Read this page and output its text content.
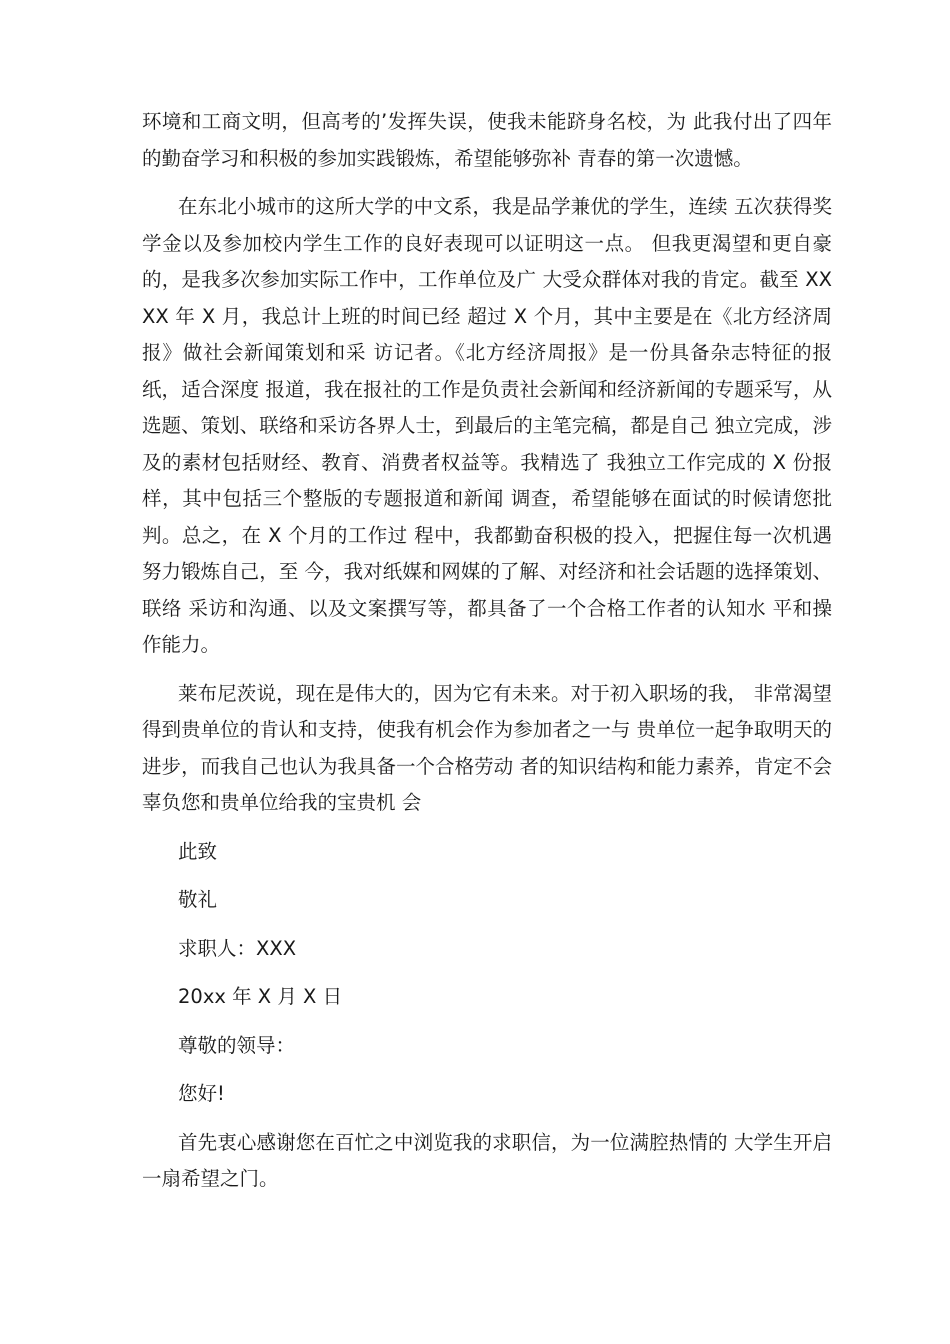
环境和工商文明，但高考的’发挥失误，使我未能跻身名校，为 此我付出了四年的勤奋学习和积极的参加实践锻炼，希望能够弥补 青春的第一次遗憾。

在东北小城市的这所大学的中文系，我是品学兼优的学生，连续 五次获得奖学金以及参加校内学生工作的良好表现可以证明这一点。 但我更渴望和更自豪的，是我多次参加实际工作中，工作单位及广 大受众群体对我的肯定。截至 XXXX 年 X 月，我总计上班的时间已经 超过 X 个月，其中主要是在《北方经济周报》做社会新闻策划和采 访记者。《北方经济周报》是一份具备杂志特征的报纸，适合深度 报道，我在报社的工作是负责社会新闻和经济新闻的专题采写，从 选题、策划、联络和采访各界人士，到最后的主笔完稿，都是自己 独立完成，涉及的素材包括财经、教育、消费者权益等。我精选了 我独立工作完成的 X 份报样，其中包括三个整版的专题报道和新闻 调查，希望能够在面试的时候请您批判。总之，在 X 个月的工作过 程中，我都勤奋积极的投入，把握住每一次机遇努力锻炼自己，至 今，我对纸媒和网媒的了解、对经济和社会话题的选择策划、联络 采访和沟通、以及文案撰写等，都具备了一个合格工作者的认知水 平和操作能力。

莱布尼茨说，现在是伟大的，因为它有未来。对于初入职场的我， 非常渴望得到贵单位的肯认和支持，使我有机会作为参加者之一与 贵单位一起争取明天的进步，而我自己也认为我具备一个合格劳动 者的知识结构和能力素养，肯定不会辜负您和贵单位给我的宝贵机 会

此致

敬礼

求职人：XXX

20xx 年 X 月 X 日

尊敬的领导：

您好!

首先衷心感谢您在百忙之中浏览我的求职信，为一位满腔热情的 大学生开启一扇希望之门。
